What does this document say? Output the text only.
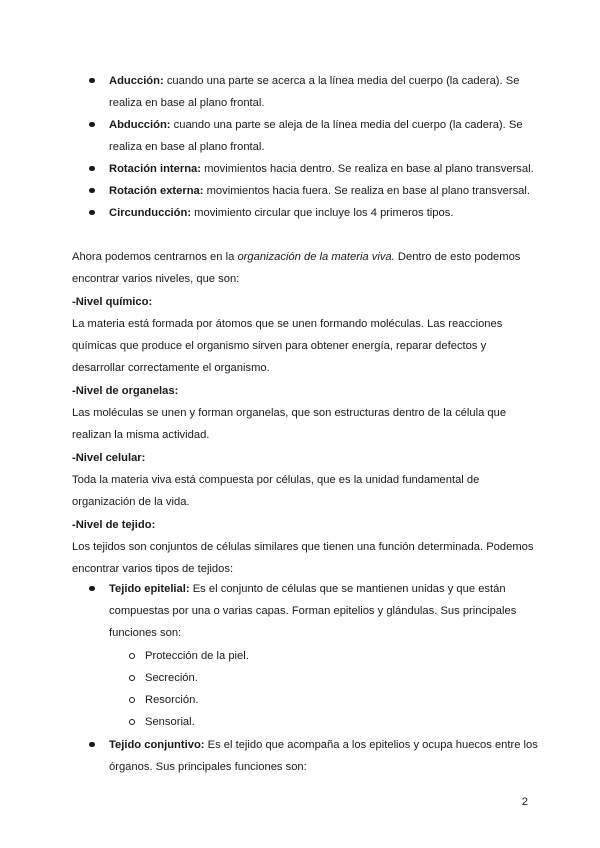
Aducción: cuando una parte se acerca a la línea media del cuerpo (la cadera). Se
realiza en base al plano frontal.
Abducción: cuando una parte se aleja de la línea media del cuerpo (la cadera). Se
realiza en base al plano frontal.
Rotación interna: movimientos hacia dentro. Se realiza en base al plano transversal.
Rotación externa: movimientos hacia fuera. Se realiza en base al plano transversal.
Circunducción: movimiento circular que incluye los 4 primeros tipos.
Ahora podemos centrarnos en la organización de la materia viva. Dentro de esto podemos
encontrar varios niveles, que son:
-Nivel químico:
La materia está formada por átomos que se unen formando moléculas. Las reacciones
químicas que produce el organismo sirven para obtener energía, reparar defectos y
desarrollar correctamente el organismo.
-Nivel de organelas:
Las moléculas se unen y forman organelas, que son estructuras dentro de la célula que
realizan la misma actividad.
-Nivel celular:
Toda la materia viva está compuesta por células, que es la unidad fundamental de
organización de la vida.
-Nivel de tejido:
Los tejidos son conjuntos de células similares que tienen una función determinada. Podemos
encontrar varios tipos de tejidos:
Tejido epitelial: Es el conjunto de células que se mantienen unidas y que están
compuestas por una o varias capas. Forman epitelios y glándulas. Sus principales
funciones son:
Protección de la piel.
Secreción.
Resorción.
Sensorial.
Tejido conjuntivo: Es el tejido que acompaña a los epitelios y ocupa huecos entre los
órganos. Sus principales funciones son:
2
